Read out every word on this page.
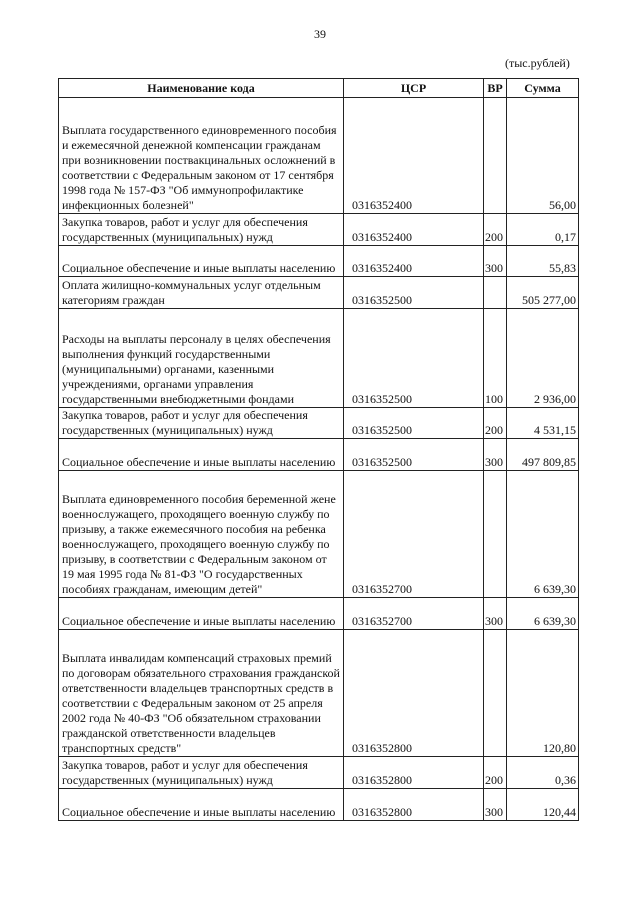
39
(тыс.рублей)
Наименование кода	ЦСР	ВР	Сумма
Выплата государственного единовременного пособия и ежемесячной денежной компенсации гражданам при возникновении поствакцинальных осложнений в соответствии с Федеральным законом от 17 сентября 1998 года № 157-ФЗ "Об иммунопрофилактике инфекционных болезней"	0316352400		56,00
Закупка товаров, работ и услуг для обеспечения государственных (муниципальных) нужд	0316352400	200	0,17
Социальное обеспечение и иные выплаты населению	0316352400	300	55,83
Оплата жилищно-коммунальных услуг отдельным категориям граждан	0316352500		505 277,00
Расходы на выплаты персоналу в целях обеспечения выполнения функций государственными (муниципальными) органами, казенными учреждениями, органами управления государственными внебюджетными фондами	0316352500	100	2 936,00
Закупка товаров, работ и услуг для обеспечения государственных (муниципальных) нужд	0316352500	200	4 531,15
Социальное обеспечение и иные выплаты населению	0316352500	300	497 809,85
Выплата единовременного пособия беременной жене военнослужащего, проходящего военную службу по призыву, а также ежемесячного пособия на ребенка военнослужащего, проходящего военную службу по призыву, в соответствии с Федеральным законом от 19 мая 1995 года № 81-ФЗ "О государственных пособиях гражданам, имеющим детей"	0316352700		6 639,30
Социальное обеспечение и иные выплаты населению	0316352700	300	6 639,30
Выплата инвалидам компенсаций страховых премий по договорам обязательного страхования гражданской ответственности владельцев транспортных средств в соответствии с Федеральным законом от 25 апреля 2002 года № 40-ФЗ "Об обязательном страховании гражданской ответственности владельцев транспортных средств"	0316352800		120,80
Закупка товаров, работ и услуг для обеспечения государственных (муниципальных) нужд	0316352800	200	0,36
Социальное обеспечение и иные выплаты населению	0316352800	300	120,44
